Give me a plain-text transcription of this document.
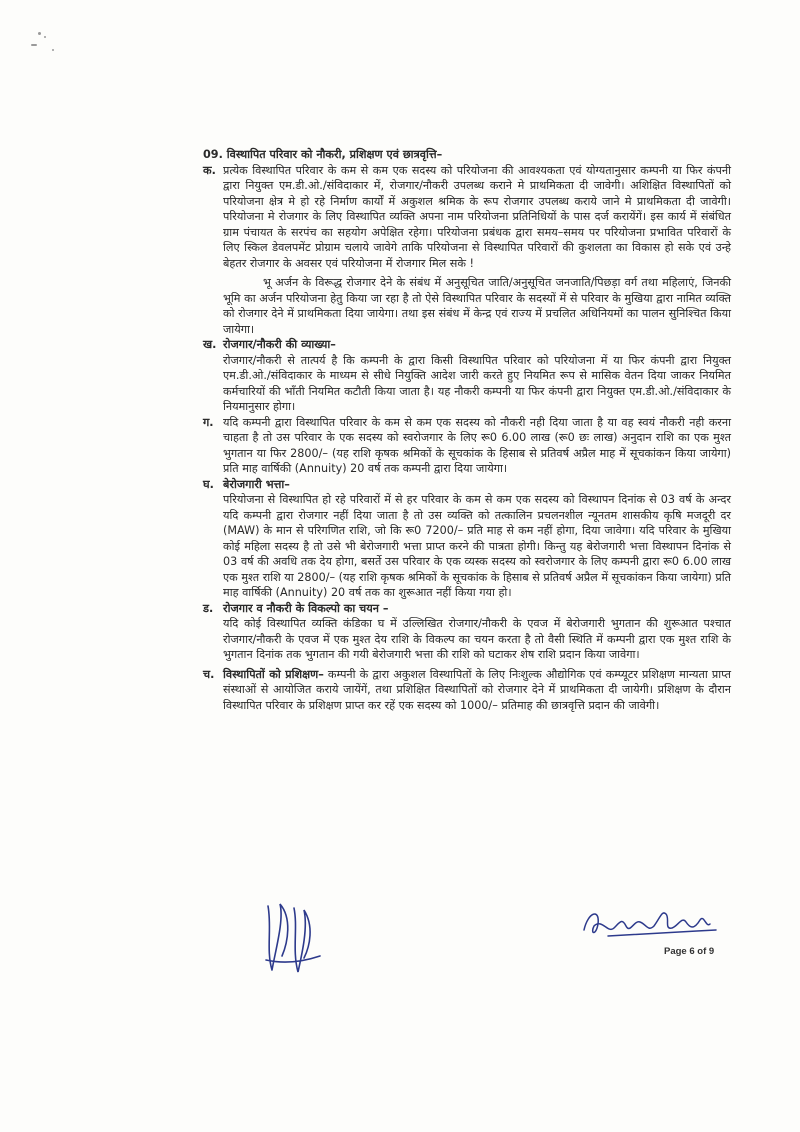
09. विस्थापित परिवार को नौकरी, प्रशिक्षण एवं छात्रवृत्ति–
क. प्रत्येक विस्थापित परिवार के कम से कम एक सदस्य को परियोजना की आवश्यकता एवं योग्यतानुसार कम्पनी या फिर कंपनी द्वारा नियुक्त एम.डी.ओ./संविदाकार में, रोजगार/नौकरी उपलब्ध कराने मे प्राथमिकता दी जावेगी। अशिक्षित विस्थापितों को परियोजना क्षेत्र मे हो रहे निर्माण कार्यों में अकुशल श्रमिक के रूप रोजगार उपलब्ध कराये जाने मे प्राथमिकता दी जावेगी। परियोजना मे रोजगार के लिए विस्थापित व्यक्ति अपना नाम परियोजना प्रतिनिधियों के पास दर्ज करायेंगें। इस कार्य में संबंधित ग्राम पंचायत के सरपंच का सहयोग अपेक्षित रहेगा। परियोजना प्रबंधक द्वारा समय–समय पर परियोजना प्रभावित परिवारों के लिए स्किल डेवलपमेंट प्रोग्राम चलाये जावेगे ताकि परियोजना से विस्थापित परिवारों की कुशलता का विकास हो सके एवं उन्हे बेहतर रोजगार के अवसर एवं परियोजना में रोजगार मिल सके !

भू अर्जन के विरूद्ध रोजगार देने के संबंध में अनुसूचित जाति/अनुसूचित जनजाति/पिछड़ा वर्ग तथा महिलाएं, जिनकी भूमि का अर्जन परियोजना हेतु किया जा रहा है तो ऐसे विस्थापित परिवार के सदस्यों में से परिवार के मुखिया द्वारा नामित व्यक्ति को रोजगार देने में प्राथमिकता दिया जायेगा। तथा इस संबंध में केन्द्र एवं राज्य में प्रचलित अधिनियमों का पालन सुनिश्चित किया जायेगा।

ख. रोजगार/नौकरी की व्याख्या–

रोजगार/नौकरी से तात्पर्य है कि कम्पनी के द्वारा किसी विस्थापित परिवार को परियोजना में या फिर कंपनी द्वारा नियुक्त एम.डी.ओ./संविदाकार के माध्यम से सीधे नियुक्ति आदेश जारी करते हुए नियमित रूप से मासिक वेतन दिया जाकर नियमित कर्मचारियों की भाँती नियमित कटौती किया जाता है। यह नौकरी कम्पनी या फिर कंपनी द्वारा नियुक्त एम.डी.ओ./संविदाकार के नियमानुसार होगा।

ग. यदि कम्पनी द्वारा विस्थापित परिवार के कम से कम एक सदस्य को नौकरी नही दिया जाता है या वह स्वयं नौकरी नही करना चाहता है तो उस परिवार के एक सदस्य को स्वरोजगार के लिए रू0 6.00 लाख (रू0 छः लाख) अनुदान राशि का एक मुश्त भुगतान या फिर 2800/– (यह राशि कृषक श्रमिकों के सूचकांक के हिसाब से प्रतिवर्ष अप्रैल माह में सूचकांकन किया जायेगा) प्रति माह वार्षिकी (Annuity) 20 वर्ष तक कम्पनी द्वारा दिया जायेगा।

घ. बेरोजगारी भत्ता–

परियोजना से विस्थापित हो रहे परिवारों में से हर परिवार के कम से कम एक सदस्य को विस्थापन दिनांक से 03 वर्ष के अन्दर यदि कम्पनी द्वारा रोजगार नहीं दिया जाता है तो उस व्यक्ति को तत्कालिन प्रचलनशील न्यूनतम शासकीय कृषि मजदूरी दर (MAW) के मान से परिगणित राशि, जो कि रू0 7200/– प्रति माह से कम नहीं होगा, दिया जावेगा। यदि परिवार के मुखिया कोई महिला सदस्य है तो उसे भी बेरोजगारी भत्ता प्राप्त करने की पात्रता होगी। किन्तु यह बेरोजगारी भत्ता विस्थापन दिनांक से 03 वर्ष की अवधि तक देय होगा, बसर्ते उस परिवार के एक व्यस्क सदस्य को स्वरोजगार के लिए कम्पनी द्वारा रू0 6.00 लाख एक मुश्त राशि या 2800/– (यह राशि कृषक श्रमिकों के सूचकांक के हिसाब से प्रतिवर्ष अप्रैल में सूचकांकन किया जायेगा) प्रति माह वार्षिकी (Annuity) 20 वर्ष तक का शुरूआत नहीं किया गया हो।

ड. रोजगार व नौकरी के विकल्पो का चयन –

यदि कोई विस्थापित व्यक्ति कंडिका घ में उल्लिखित रोजगार/नौकरी के एवज में बेरोजगारी भुगतान की शुरूआत पश्चात रोजगार/नौकरी के एवज में एक मुश्त देय राशि के विकल्प का चयन करता है तो वैसी स्थिति में कम्पनी द्वारा एक मुश्त राशि के भुगतान दिनांक तक भुगतान की गयी बेरोजगारी भत्ता की राशि को घटाकर शेष राशि प्रदान किया जावेगा।

च. विस्थापितों को प्रशिक्षण– कम्पनी के द्वारा अकुशल विस्थापितों के लिए निःशुल्क औद्योगिक एवं कम्प्यूटर प्रशिक्षण मान्यता प्राप्त संस्थाओं से आयोजित कराये जायेंगें, तथा प्रशिक्षित विस्थापितों को रोजगार देने में प्राथमिकता दी जायेगी। प्रशिक्षण के दौरान विस्थापित परिवार के प्रशिक्षण प्राप्त कर रहें एक सदस्य को 1000/– प्रतिमाह की छात्रवृत्ति प्रदान की जावेगी।

Page 6 of 9
